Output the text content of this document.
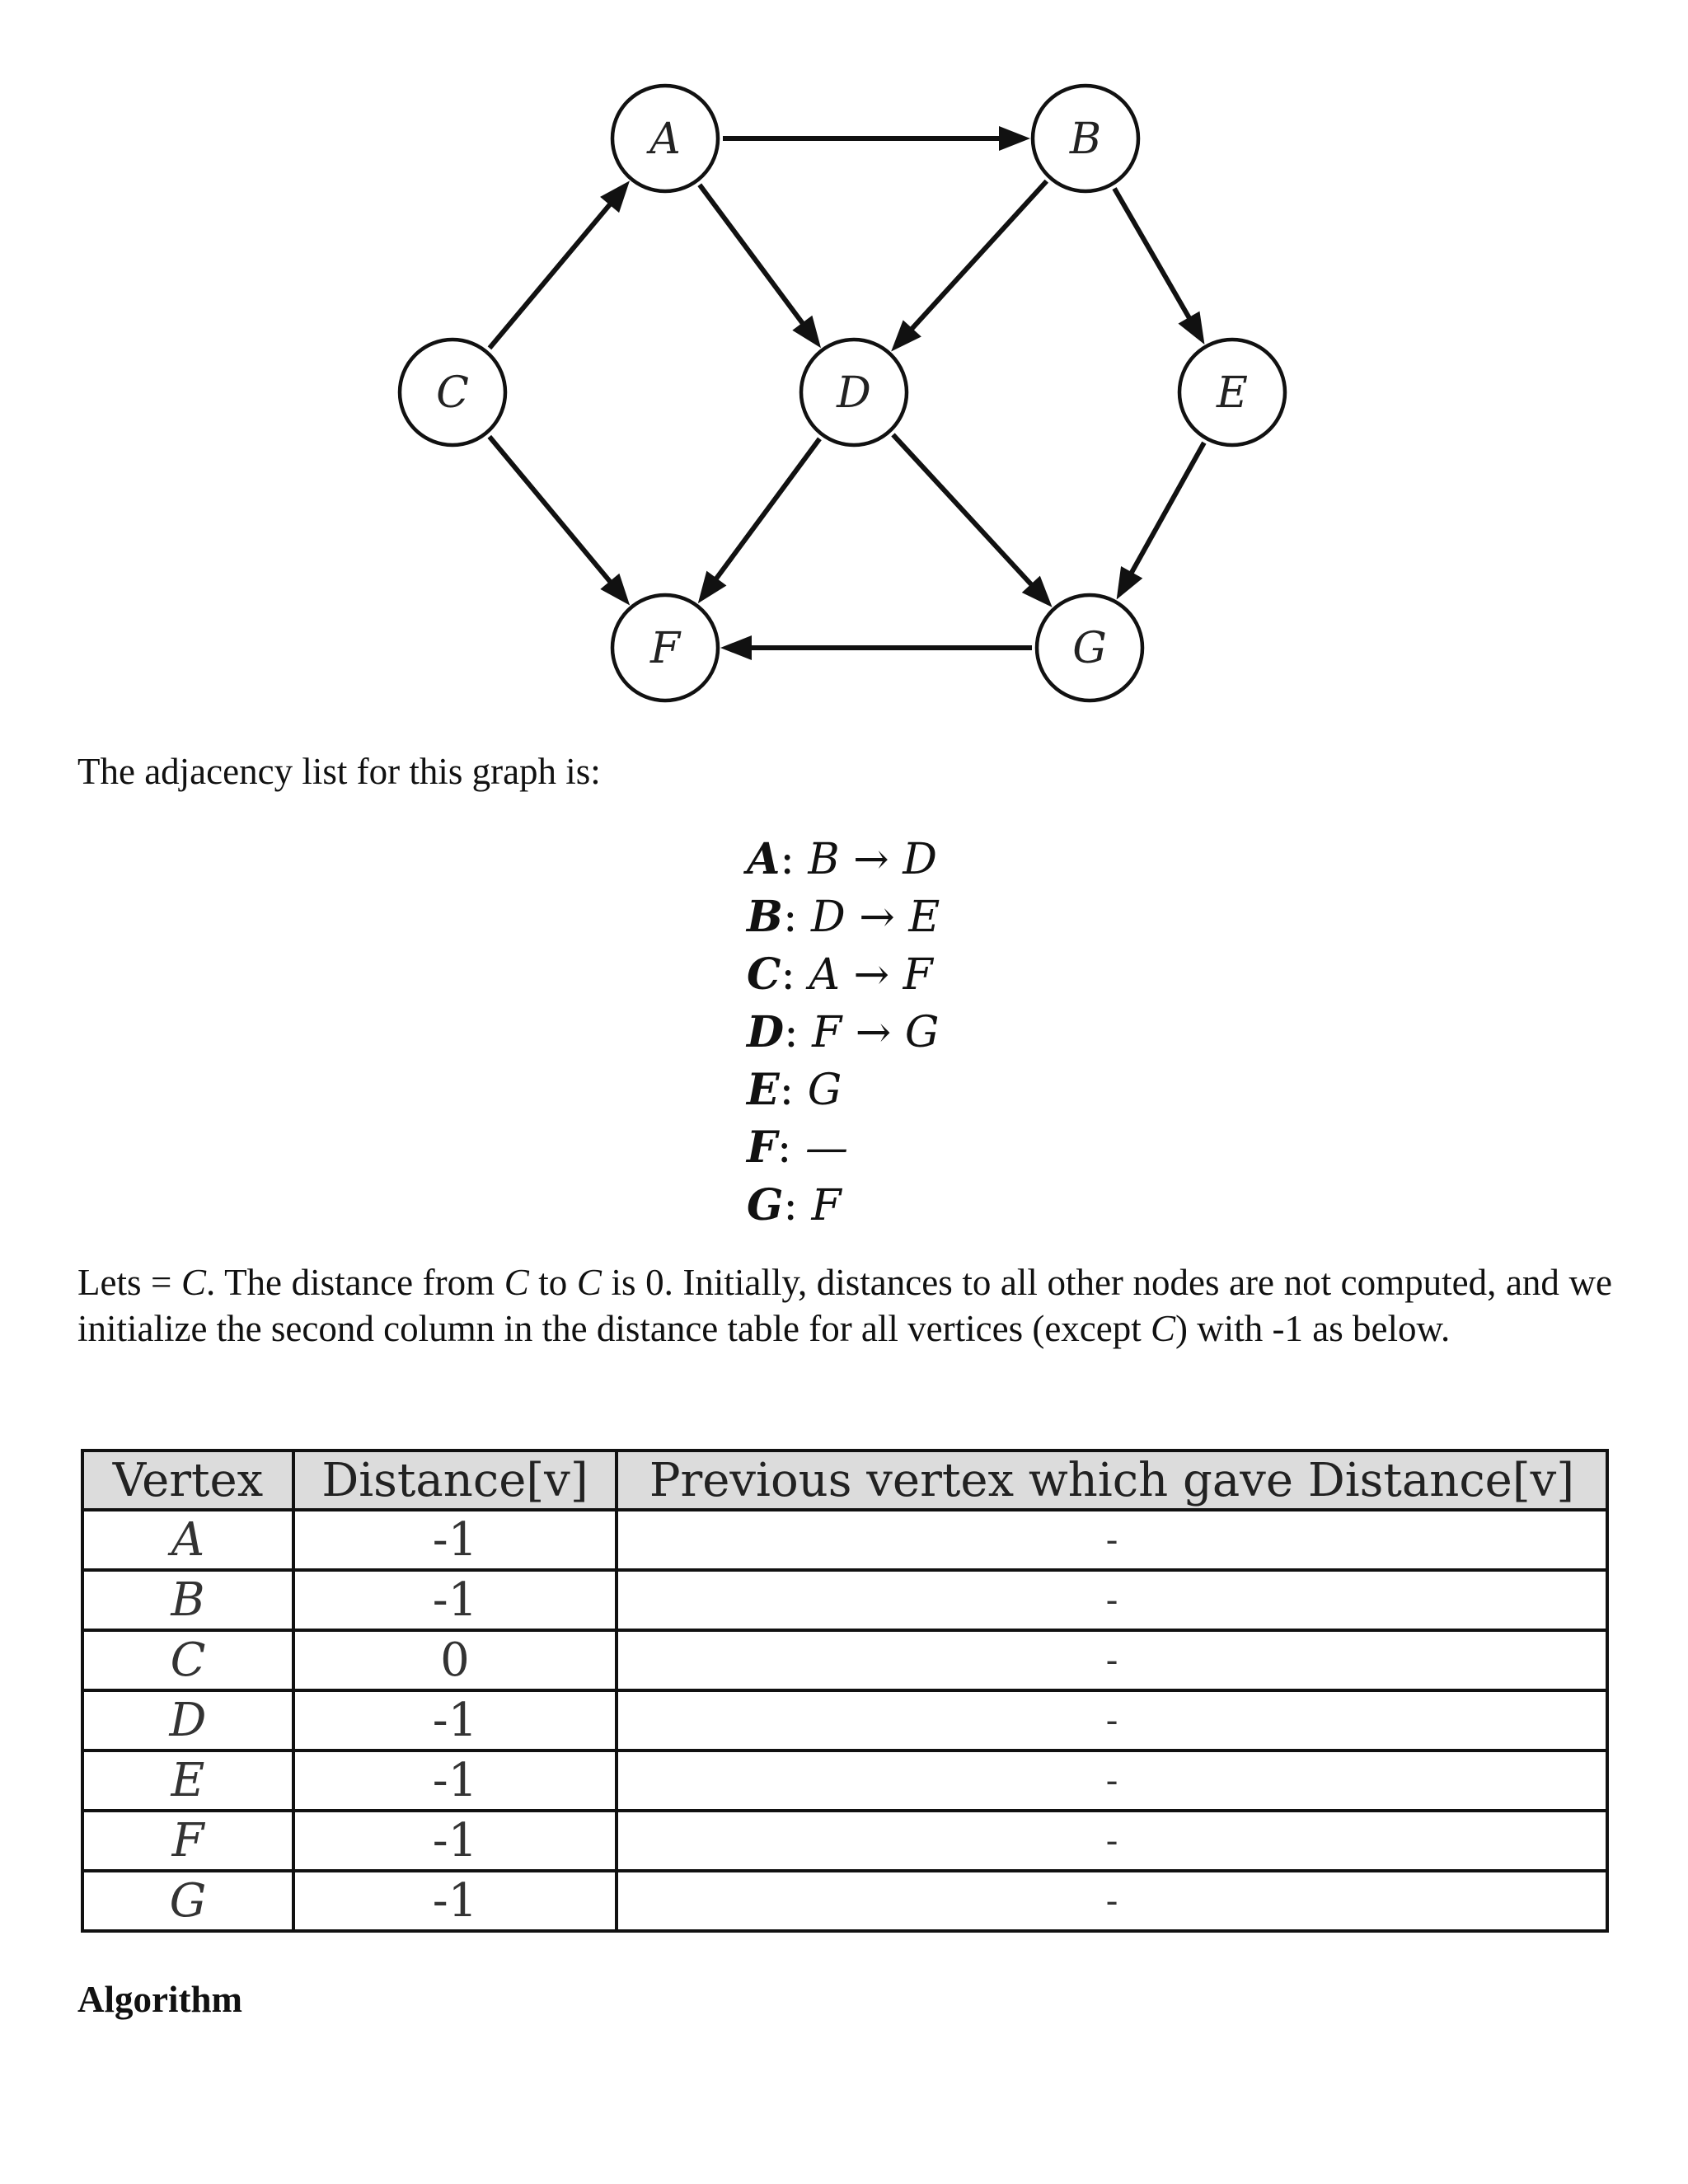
A	B
C	D	E
F	G

The adjacency list for this graph is:

A: B → D
B: D → E
C: A → F
D: F → G
E: G
F: —
G: F

Lets = C. The distance from C to C is 0. Initially, distances to all other nodes are not computed, and we initialize the second column in the distance table for all vertices (except C) with -1 as below.

Vertex	Distance[v]	Previous vertex which gave Distance[v]
A	-1	-
B	-1	-
C	0	-
D	-1	-
E	-1	-
F	-1	-
G	-1	-

Algorithm
